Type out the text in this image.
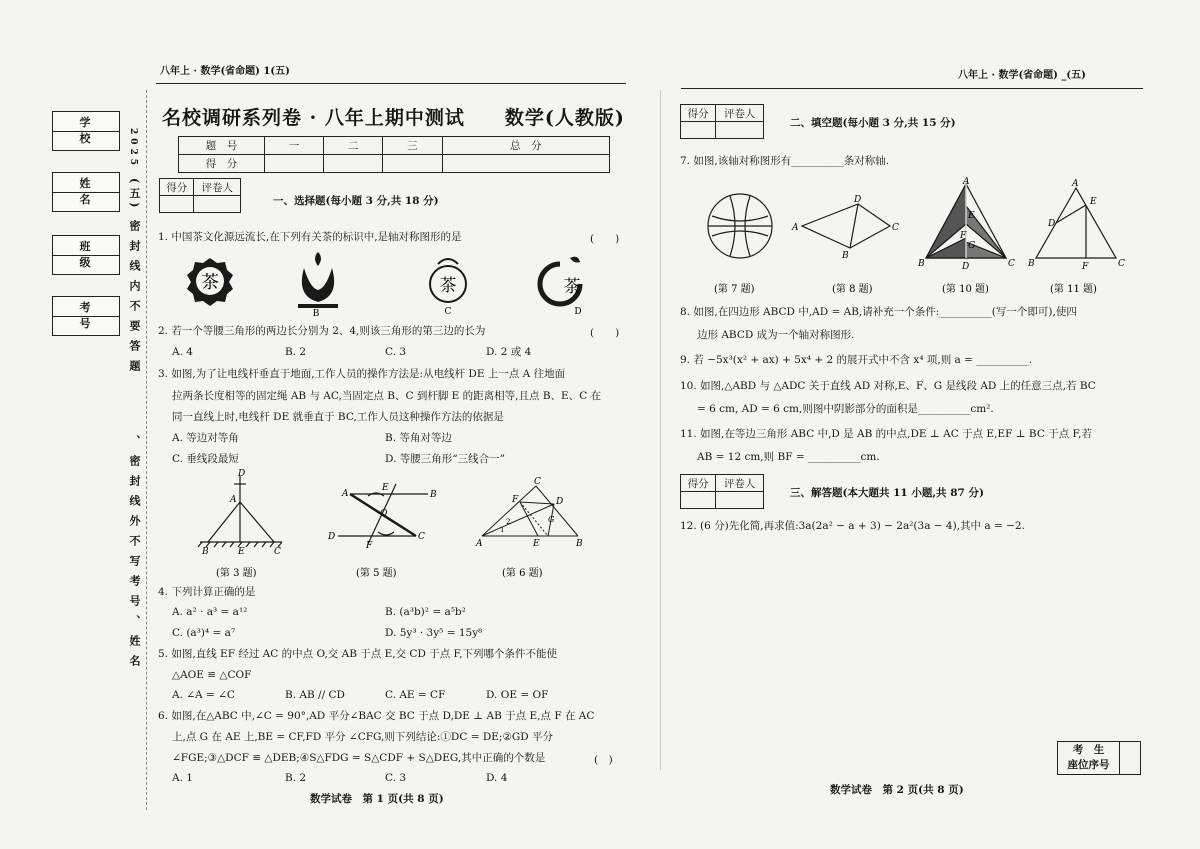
学　校
姓　名
班　级
考　号
2025
(五)
密封线内不要答题
、密封线外不写考号、姓名
八年上 · 数学(省命题) 1(五)
名校调研系列卷 · 八年上期中测试　　数学(人教版)
题　号	一	二	三	总　分
得　分				
得分	评卷人

一、选择题(每小题 3 分,共 18 分)
1. 中国茶文化源远流长,在下列有关茶的标识中,是轴对称图形的是	(　　)
茶
B
茶
C
茶
D
2. 若一个等腰三角形的两边长分别为 2、4,则该三角形的第三边的长为	(　　)
A. 4	B. 2	C. 3	D. 2 或 4
3. 如图,为了让电线杆垂直于地面,工作人员的操作方法是:从电线杆 DE 上一点 A 往地面
拉两条长度相等的固定绳 AB 与 AC,当固定点 B、C 到杆脚 E 的距离相等,且点 B、E、C 在
同一直线上时,电线杆 DE 就垂直于 BC,工作人员这种操作方法的依据是
A. 等边对等角	B. 等角对等边
C. 垂线段最短	D. 等腰三角形“三线合一”
D
A
B	E	C
(第 3 题)
A
E
B
O
D
F
C
(第 5 题)
C
F	D
G
A	E	B
1
2
(第 6 题)
4. 下列计算正确的是
A. a² · a³ = a¹²	B. (a³b)² = a⁵b²
C. (a³)⁴ = a⁷	D. 5y³ · 3y⁵ = 15y⁸
5. 如图,直线 EF 经过 AC 的中点 O,交 AB 于点 E,交 CD 于点 F,下列哪个条件不能使
△AOE ≌ △COF
A. ∠A = ∠C	B. AB // CD	C. AE = CF	D. OE = OF
6. 如图,在△ABC 中,∠C = 90°,AD 平分∠BAC 交 BC 于点 D,DE ⊥ AB 于点 E,点 F 在 AC
上,点 G 在 AE 上,BE = CF,FD 平分 ∠CFG,则下列结论:①DC = DE;②GD 平分
∠FGE;③△DCF ≌ △DEB;④S△FDG = S△CDF + S△DEG,其中正确的个数是	(　)
A. 1	B. 2	C. 3	D. 4
数学试卷　第 1 页(共 8 页)
八年上 · 数学(省命题) _(五)
得分	评卷人

二、填空题(每小题 3 分,共 15 分)
7. 如图,该轴对称图形有__________条对称轴.
(第 7 题)
A
D
C
B
(第 8 题)
A
E
F
G
B	D	C
(第 10 题)
A
E
B
D
F	C
(第 11 题)
8. 如图,在四边形 ABCD 中,AD = AB,请补充一个条件:__________(写一个即可),使四
边形 ABCD 成为一个轴对称图形.
9. 若 −5x³(x² + ax) + 5x⁴ + 2 的展开式中不含 x⁴ 项,则 a = __________.
10. 如图,△ABD 与 △ADC 关于直线 AD 对称,E、F、G 是线段 AD 上的任意三点,若 BC
= 6 cm, AD = 6 cm,则图中阴影部分的面积是__________cm².
11. 如图,在等边三角形 ABC 中,D 是 AB 的中点,DE ⊥ AC 于点 E,EF ⊥ BC 于点 F,若
AB = 12 cm,则 BF = __________cm.
得分	评卷人

三、解答题(本大题共 11 小题,共 87 分)
12. (6 分)先化简,再求值:3a(2a² − a + 3) − 2a²(3a − 4),其中 a = −2.
考　生
座位序号
数学试卷　第 2 页(共 8 页)
